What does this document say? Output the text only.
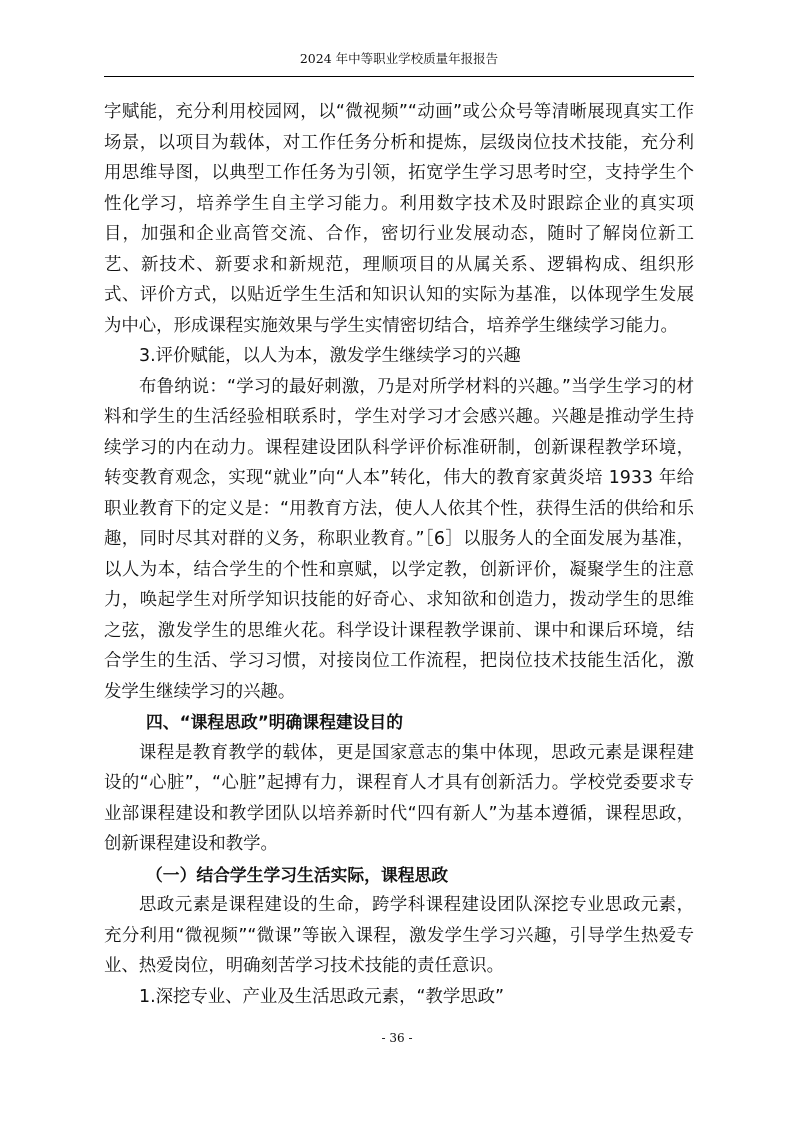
2024 年中等职业学校质量年报报告

字赋能，充分利用校园网，以“微视频”“动画”或公众号等清晰展现真实工作场景，以项目为载体，对工作任务分析和提炼，层级岗位技术技能，充分利用思维导图，以典型工作任务为引领，拓宽学生学习思考时空，支持学生个性化学习，培养学生自主学习能力。利用数字技术及时跟踪企业的真实项目，加强和企业高管交流、合作，密切行业发展动态，随时了解岗位新工艺、新技术、新要求和新规范，理顺项目的从属关系、逻辑构成、组织形式、评价方式，以贴近学生生活和知识认知的实际为基准，以体现学生发展为中心，形成课程实施效果与学生实情密切结合，培养学生继续学习能力。

3.评价赋能，以人为本，激发学生继续学习的兴趣

布鲁纳说：“学习的最好刺激，乃是对所学材料的兴趣。”当学生学习的材料和学生的生活经验相联系时，学生对学习才会感兴趣。兴趣是推动学生持续学习的内在动力。课程建设团队科学评价标准研制，创新课程教学环境，转变教育观念，实现“就业”向“人本”转化，伟大的教育家黄炎培 1933 年给职业教育下的定义是：“用教育方法，使人人依其个性，获得生活的供给和乐趣，同时尽其对群的义务，称职业教育。”［6］以服务人的全面发展为基准，以人为本，结合学生的个性和禀赋，以学定教，创新评价，凝聚学生的注意力，唤起学生对所学知识技能的好奇心、求知欲和创造力，拨动学生的思维之弦，激发学生的思维火花。科学设计课程教学课前、课中和课后环境，结合学生的生活、学习习惯，对接岗位工作流程，把岗位技术技能生活化，激发学生继续学习的兴趣。

四、“课程思政”明确课程建设目的

课程是教育教学的载体，更是国家意志的集中体现，思政元素是课程建设的“心脏”，“心脏”起搏有力，课程育人才具有创新活力。学校党委要求专业部课程建设和教学团队以培养新时代“四有新人”为基本遵循，课程思政，创新课程建设和教学。

（一）结合学生学习生活实际，课程思政

思政元素是课程建设的生命，跨学科课程建设团队深挖专业思政元素，充分利用“微视频”“微课”等嵌入课程，激发学生学习兴趣，引导学生热爱专业、热爱岗位，明确刻苦学习技术技能的责任意识。

1.深挖专业、产业及生活思政元素，“教学思政”

- 36 -
